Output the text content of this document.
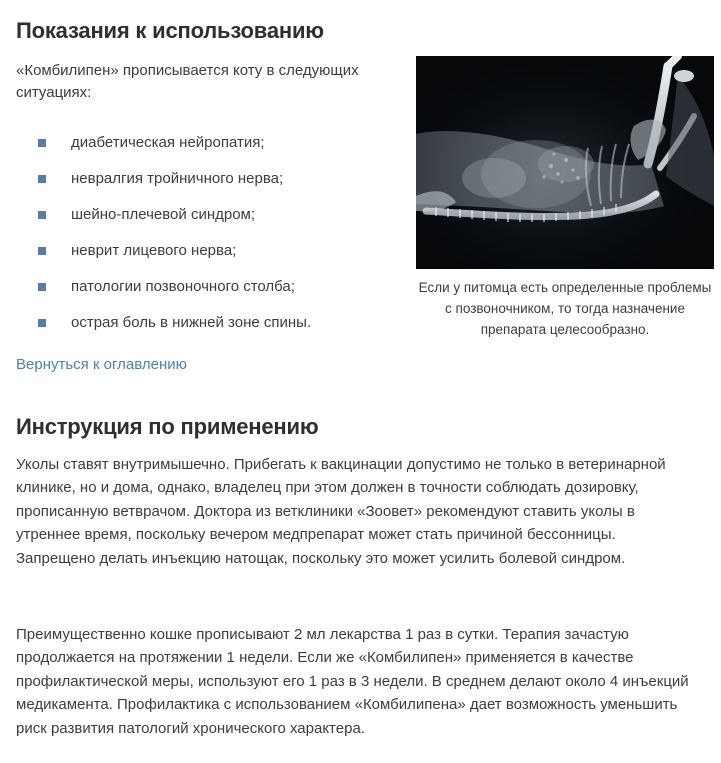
Показания к использованию

«Комбилипен» прописывается коту в следующих ситуациях:

диабетическая нейропатия;
невралгия тройничного нерва;
шейно-плечевой синдром;
неврит лицевого нерва;
патологии позвоночного столба;
острая боль в нижней зоне спины.
Вернуться к оглавлению
Если у питомца есть определенные проблемы с позвоночником, то тогда назначение препарата целесообразно.
Инструкция по применению

Уколы ставят внутримышечно. Прибегать к вакцинации допустимо не только в ветеринарной клинике, но и дома, однако, владелец при этом должен в точности соблюдать дозировку, прописанную ветврачом. Доктора из ветклиники «Зоовет» рекомендуют ставить уколы в утреннее время, поскольку вечером медпрепарат может стать причиной бессонницы. Запрещено делать инъекцию натощак, поскольку это может усилить болевой синдром.

Преимущественно кошке прописывают 2 мл лекарства 1 раз в сутки. Терапия зачастую продолжается на протяжении 1 недели. Если же «Комбилипен» применяется в качестве профилактической меры, используют его 1 раз в 3 недели. В среднем делают около 4 инъекций медикамента. Профилактика с использованием «Комбилипена» дает возможность уменьшить риск развития патологий хронического характера.
